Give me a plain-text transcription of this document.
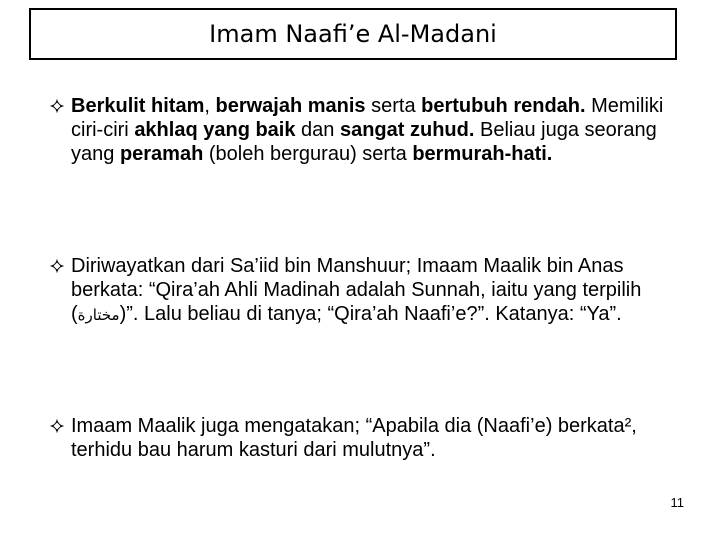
Imam Naafi’e Al-Madani

Berkulit hitam, berwajah manis serta bertubuh rendah. Memiliki ciri-ciri akhlaq yang baik dan sangat zuhud. Beliau juga seorang yang peramah (boleh bergurau) serta bermurah-hati.

Diriwayatkan dari Sa’iid bin Manshuur; Imaam Maalik bin Anas berkata: “Qira’ah Ahli Madinah adalah Sunnah, iaitu yang terpilih (مختارة)”. Lalu beliau di tanya; “Qira’ah Naafi’e?”. Katanya: “Ya”.

Imaam Maalik juga mengatakan; “Apabila dia (Naafi’e) berkata², terhidu bau harum kasturi dari mulutnya”.

11
